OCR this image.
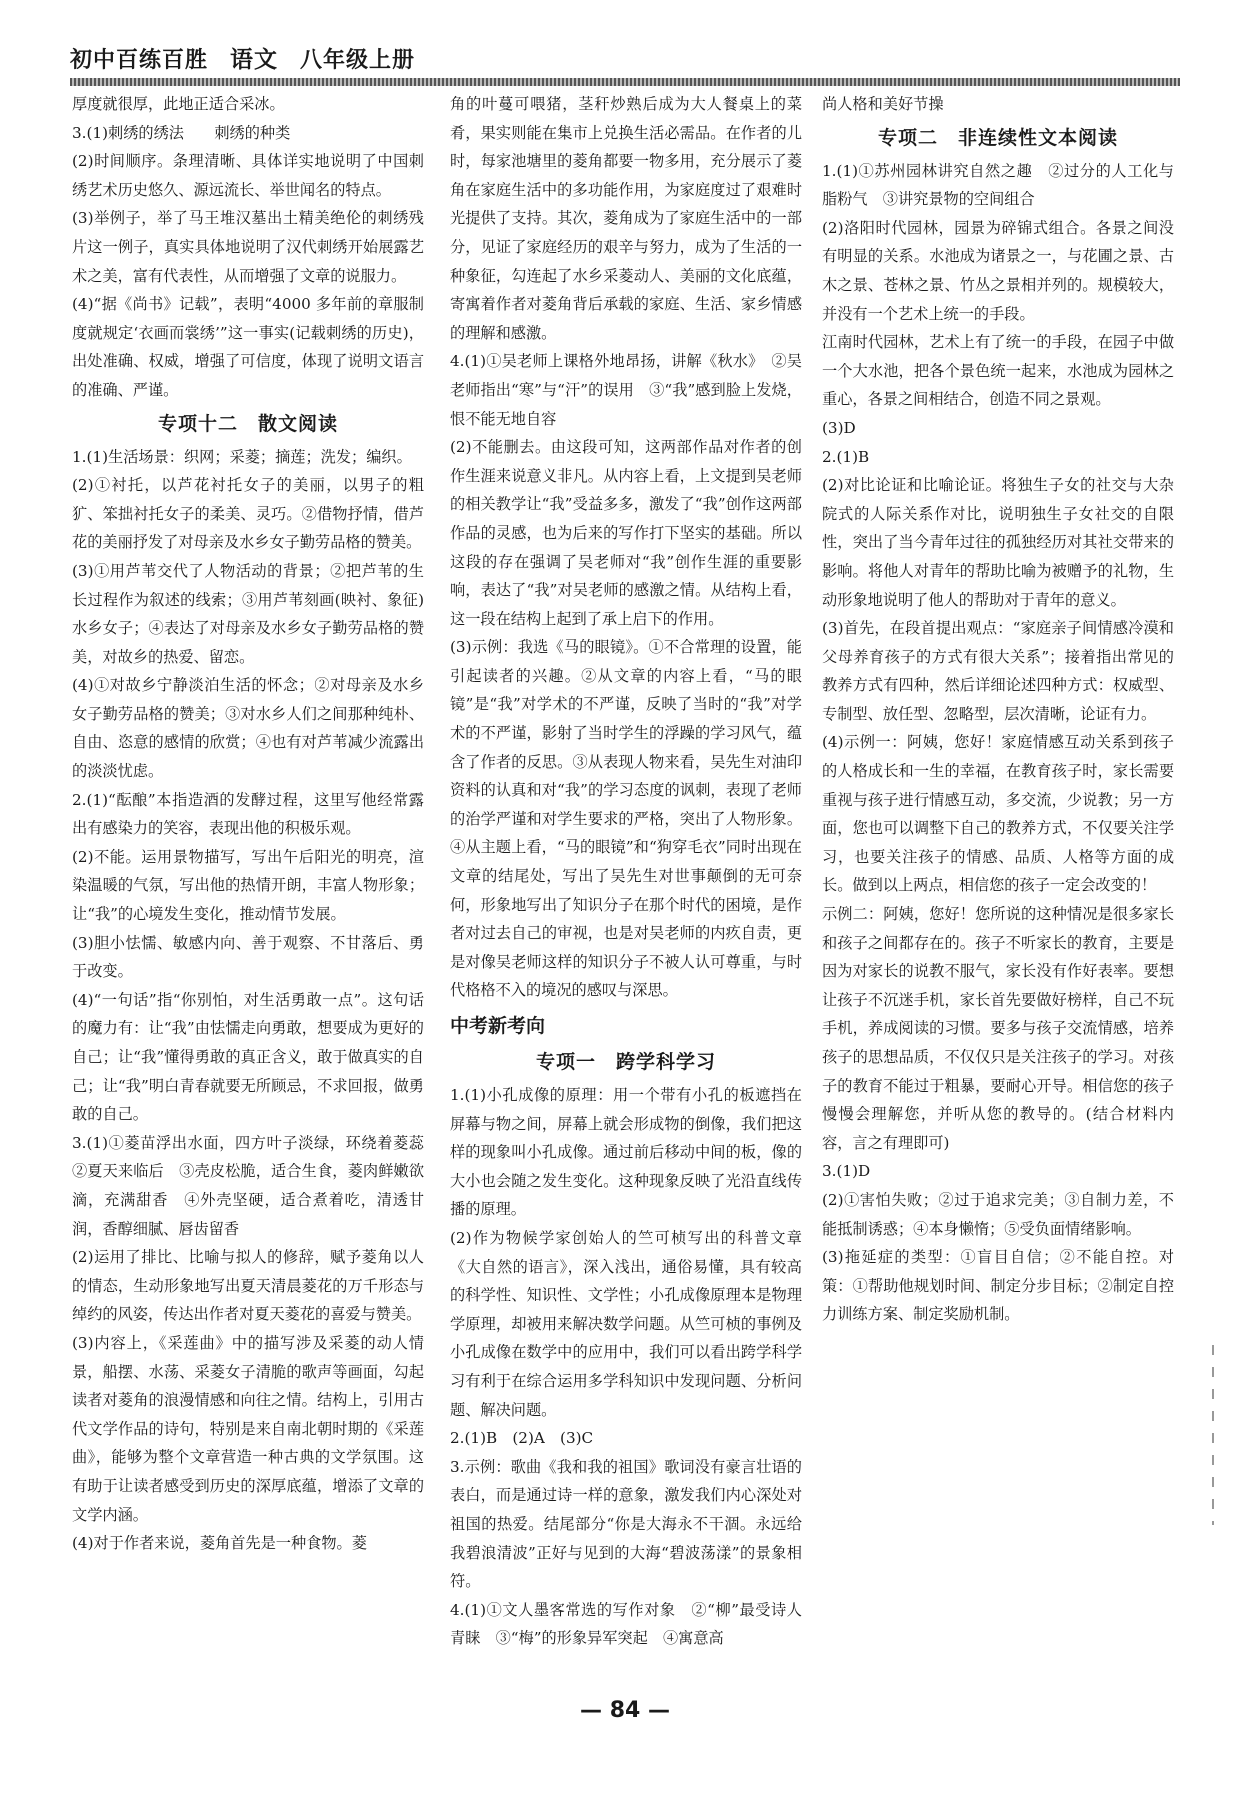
初中百练百胜 语文 八年级上册

厚度就很厚，此地正适合采冰。

3.(1)刺绣的绣法　　刺绣的种类

(2)时间顺序。条理清晰、具体详实地说明了中国刺绣艺术历史悠久、源远流长、举世闻名的特点。

(3)举例子，举了马王堆汉墓出土精美绝伦的刺绣残片这一例子，真实具体地说明了汉代刺绣开始展露艺术之美，富有代表性，从而增强了文章的说服力。

(4)“据《尚书》记载”，表明“4000 多年前的章服制度就规定‘衣画而裳绣’”这一事实(记载刺绣的历史)，出处准确、权威，增强了可信度，体现了说明文语言的准确、严谨。

专项十二　散文阅读

1.(1)生活场景：织网；采菱；摘莲；洗发；编织。

(2)①衬托，以芦花衬托女子的美丽，以男子的粗犷、笨拙衬托女子的柔美、灵巧。②借物抒情，借芦花的美丽抒发了对母亲及水乡女子勤劳品格的赞美。

(3)①用芦苇交代了人物活动的背景；②把芦苇的生长过程作为叙述的线索；③用芦苇刻画(映衬、象征)水乡女子；④表达了对母亲及水乡女子勤劳品格的赞美，对故乡的热爱、留恋。

(4)①对故乡宁静淡泊生活的怀念；②对母亲及水乡女子勤劳品格的赞美；③对水乡人们之间那种纯朴、自由、恣意的感情的欣赏；④也有对芦苇减少流露出的淡淡忧虑。

2.(1)“酝酿”本指造酒的发酵过程，这里写他经常露出有感染力的笑容，表现出他的积极乐观。

(2)不能。运用景物描写，写出午后阳光的明亮，渲染温暖的气氛，写出他的热情开朗，丰富人物形象；让“我”的心境发生变化，推动情节发展。

(3)胆小怯懦、敏感内向、善于观察、不甘落后、勇于改变。

(4)“一句话”指“你别怕，对生活勇敢一点”。这句话的魔力有：让“我”由怯懦走向勇敢，想要成为更好的自己；让“我”懂得勇敢的真正含义，敢于做真实的自己；让“我”明白青春就要无所顾忌，不求回报，做勇敢的自己。

3.(1)①菱苗浮出水面，四方叶子淡绿，环绕着菱蕊　②夏天来临后　③壳皮松脆，适合生食，菱肉鲜嫩欲滴，充满甜香　④外壳坚硬，适合煮着吃，清透甘润，香醇细腻、唇齿留香

(2)运用了排比、比喻与拟人的修辞，赋予菱角以人的情态，生动形象地写出夏天清晨菱花的万千形态与绰约的风姿，传达出作者对夏天菱花的喜爱与赞美。

(3)内容上，《采莲曲》中的描写涉及采菱的动人情景，船摆、水荡、采菱女子清脆的歌声等画面，勾起读者对菱角的浪漫情感和向往之情。结构上，引用古代文学作品的诗句，特别是来自南北朝时期的《采莲曲》，能够为整个文章营造一种古典的文学氛围。这有助于让读者感受到历史的深厚底蕴，增添了文章的文学内涵。

(4)对于作者来说，菱角首先是一种食物。菱

角的叶蔓可喂猪，茎秆炒熟后成为大人餐桌上的菜肴，果实则能在集市上兑换生活必需品。在作者的儿时，每家池塘里的菱角都要一物多用，充分展示了菱角在家庭生活中的多功能作用，为家庭度过了艰难时光提供了支持。其次，菱角成为了家庭生活中的一部分，见证了家庭经历的艰辛与努力，成为了生活的一种象征，勾连起了水乡采菱动人、美丽的文化底蕴，寄寓着作者对菱角背后承载的家庭、生活、家乡情感的理解和感激。

4.(1)①吴老师上课格外地昂扬，讲解《秋水》　②吴老师指出“寒”与“汗”的误用　③“我”感到脸上发烧，恨不能无地自容

(2)不能删去。由这段可知，这两部作品对作者的创作生涯来说意义非凡。从内容上看，上文提到吴老师的相关教学让“我”受益多多，激发了“我”创作这两部作品的灵感，也为后来的写作打下坚实的基础。所以这段的存在强调了吴老师对“我”创作生涯的重要影响，表达了“我”对吴老师的感激之情。从结构上看，这一段在结构上起到了承上启下的作用。

(3)示例：我选《马的眼镜》。①不合常理的设置，能引起读者的兴趣。②从文章的内容上看，“马的眼镜”是“我”对学术的不严谨，反映了当时的“我”对学术的不严谨，影射了当时学生的浮躁的学习风气，蕴含了作者的反思。③从表现人物来看，吴先生对油印资料的认真和对“我”的学习态度的讽刺，表现了老师的治学严谨和对学生要求的严格，突出了人物形象。④从主题上看，“马的眼镜”和“狗穿毛衣”同时出现在文章的结尾处，写出了吴先生对世事颠倒的无可奈何，形象地写出了知识分子在那个时代的困境，是作者对过去自己的审视，也是对吴老师的内疚自责，更是对像吴老师这样的知识分子不被人认可尊重，与时代格格不入的境况的感叹与深思。

中考新考向

专项一　跨学科学习

1.(1)小孔成像的原理：用一个带有小孔的板遮挡在屏幕与物之间，屏幕上就会形成物的倒像，我们把这样的现象叫小孔成像。通过前后移动中间的板，像的大小也会随之发生变化。这种现象反映了光沿直线传播的原理。

(2)作为物候学家创始人的竺可桢写出的科普文章《大自然的语言》，深入浅出，通俗易懂，具有较高的科学性、知识性、文学性；小孔成像原理本是物理学原理，却被用来解决数学问题。从竺可桢的事例及小孔成像在数学中的应用中，我们可以看出跨学科学习有利于在综合运用多学科知识中发现问题、分析问题、解决问题。

2.(1)B　(2)A　(3)C

3.示例：歌曲《我和我的祖国》歌词没有豪言壮语的表白，而是通过诗一样的意象，激发我们内心深处对祖国的热爱。结尾部分“你是大海永不干涸。永远给我碧浪清波”正好与见到的大海“碧波荡漾”的景象相符。

4.(1)①文人墨客常选的写作对象　②“柳”最受诗人青睐　③“梅”的形象异军突起　④寓意高

尚人格和美好节操

专项二　非连续性文本阅读

1.(1)①苏州园林讲究自然之趣　②过分的人工化与脂粉气　③讲究景物的空间组合

(2)洛阳时代园林，园景为碎锦式组合。各景之间没有明显的关系。水池成为诸景之一，与花圃之景、古木之景、苍林之景、竹丛之景相并列的。规模较大，并没有一个艺术上统一的手段。

江南时代园林，艺术上有了统一的手段，在园子中做一个大水池，把各个景色统一起来，水池成为园林之重心，各景之间相结合，创造不同之景观。

(3)D

2.(1)B

(2)对比论证和比喻论证。将独生子女的社交与大杂院式的人际关系作对比，说明独生子女社交的自限性，突出了当今青年过往的孤独经历对其社交带来的影响。将他人对青年的帮助比喻为被赠予的礼物，生动形象地说明了他人的帮助对于青年的意义。

(3)首先，在段首提出观点：“家庭亲子间情感冷漠和父母养育孩子的方式有很大关系”；接着指出常见的教养方式有四种，然后详细论述四种方式：权威型、专制型、放任型、忽略型，层次清晰，论证有力。

(4)示例一：阿姨，您好！家庭情感互动关系到孩子的人格成长和一生的幸福，在教育孩子时，家长需要重视与孩子进行情感互动，多交流，少说教；另一方面，您也可以调整下自己的教养方式，不仅要关注学习，也要关注孩子的情感、品质、人格等方面的成长。做到以上两点，相信您的孩子一定会改变的！

示例二：阿姨，您好！您所说的这种情况是很多家长和孩子之间都存在的。孩子不听家长的教育，主要是因为对家长的说教不服气，家长没有作好表率。要想让孩子不沉迷手机，家长首先要做好榜样，自己不玩手机，养成阅读的习惯。要多与孩子交流情感，培养孩子的思想品质，不仅仅只是关注孩子的学习。对孩子的教育不能过于粗暴，要耐心开导。相信您的孩子慢慢会理解您，并听从您的教导的。(结合材料内容，言之有理即可)

3.(1)D

(2)①害怕失败；②过于追求完美；③自制力差，不能抵制诱惑；④本身懒惰；⑤受负面情绪影响。

(3)拖延症的类型：①盲目自信；②不能自控。对策：①帮助他规划时间、制定分步目标；②制定自控力训练方案、制定奖励机制。

— 84 —
